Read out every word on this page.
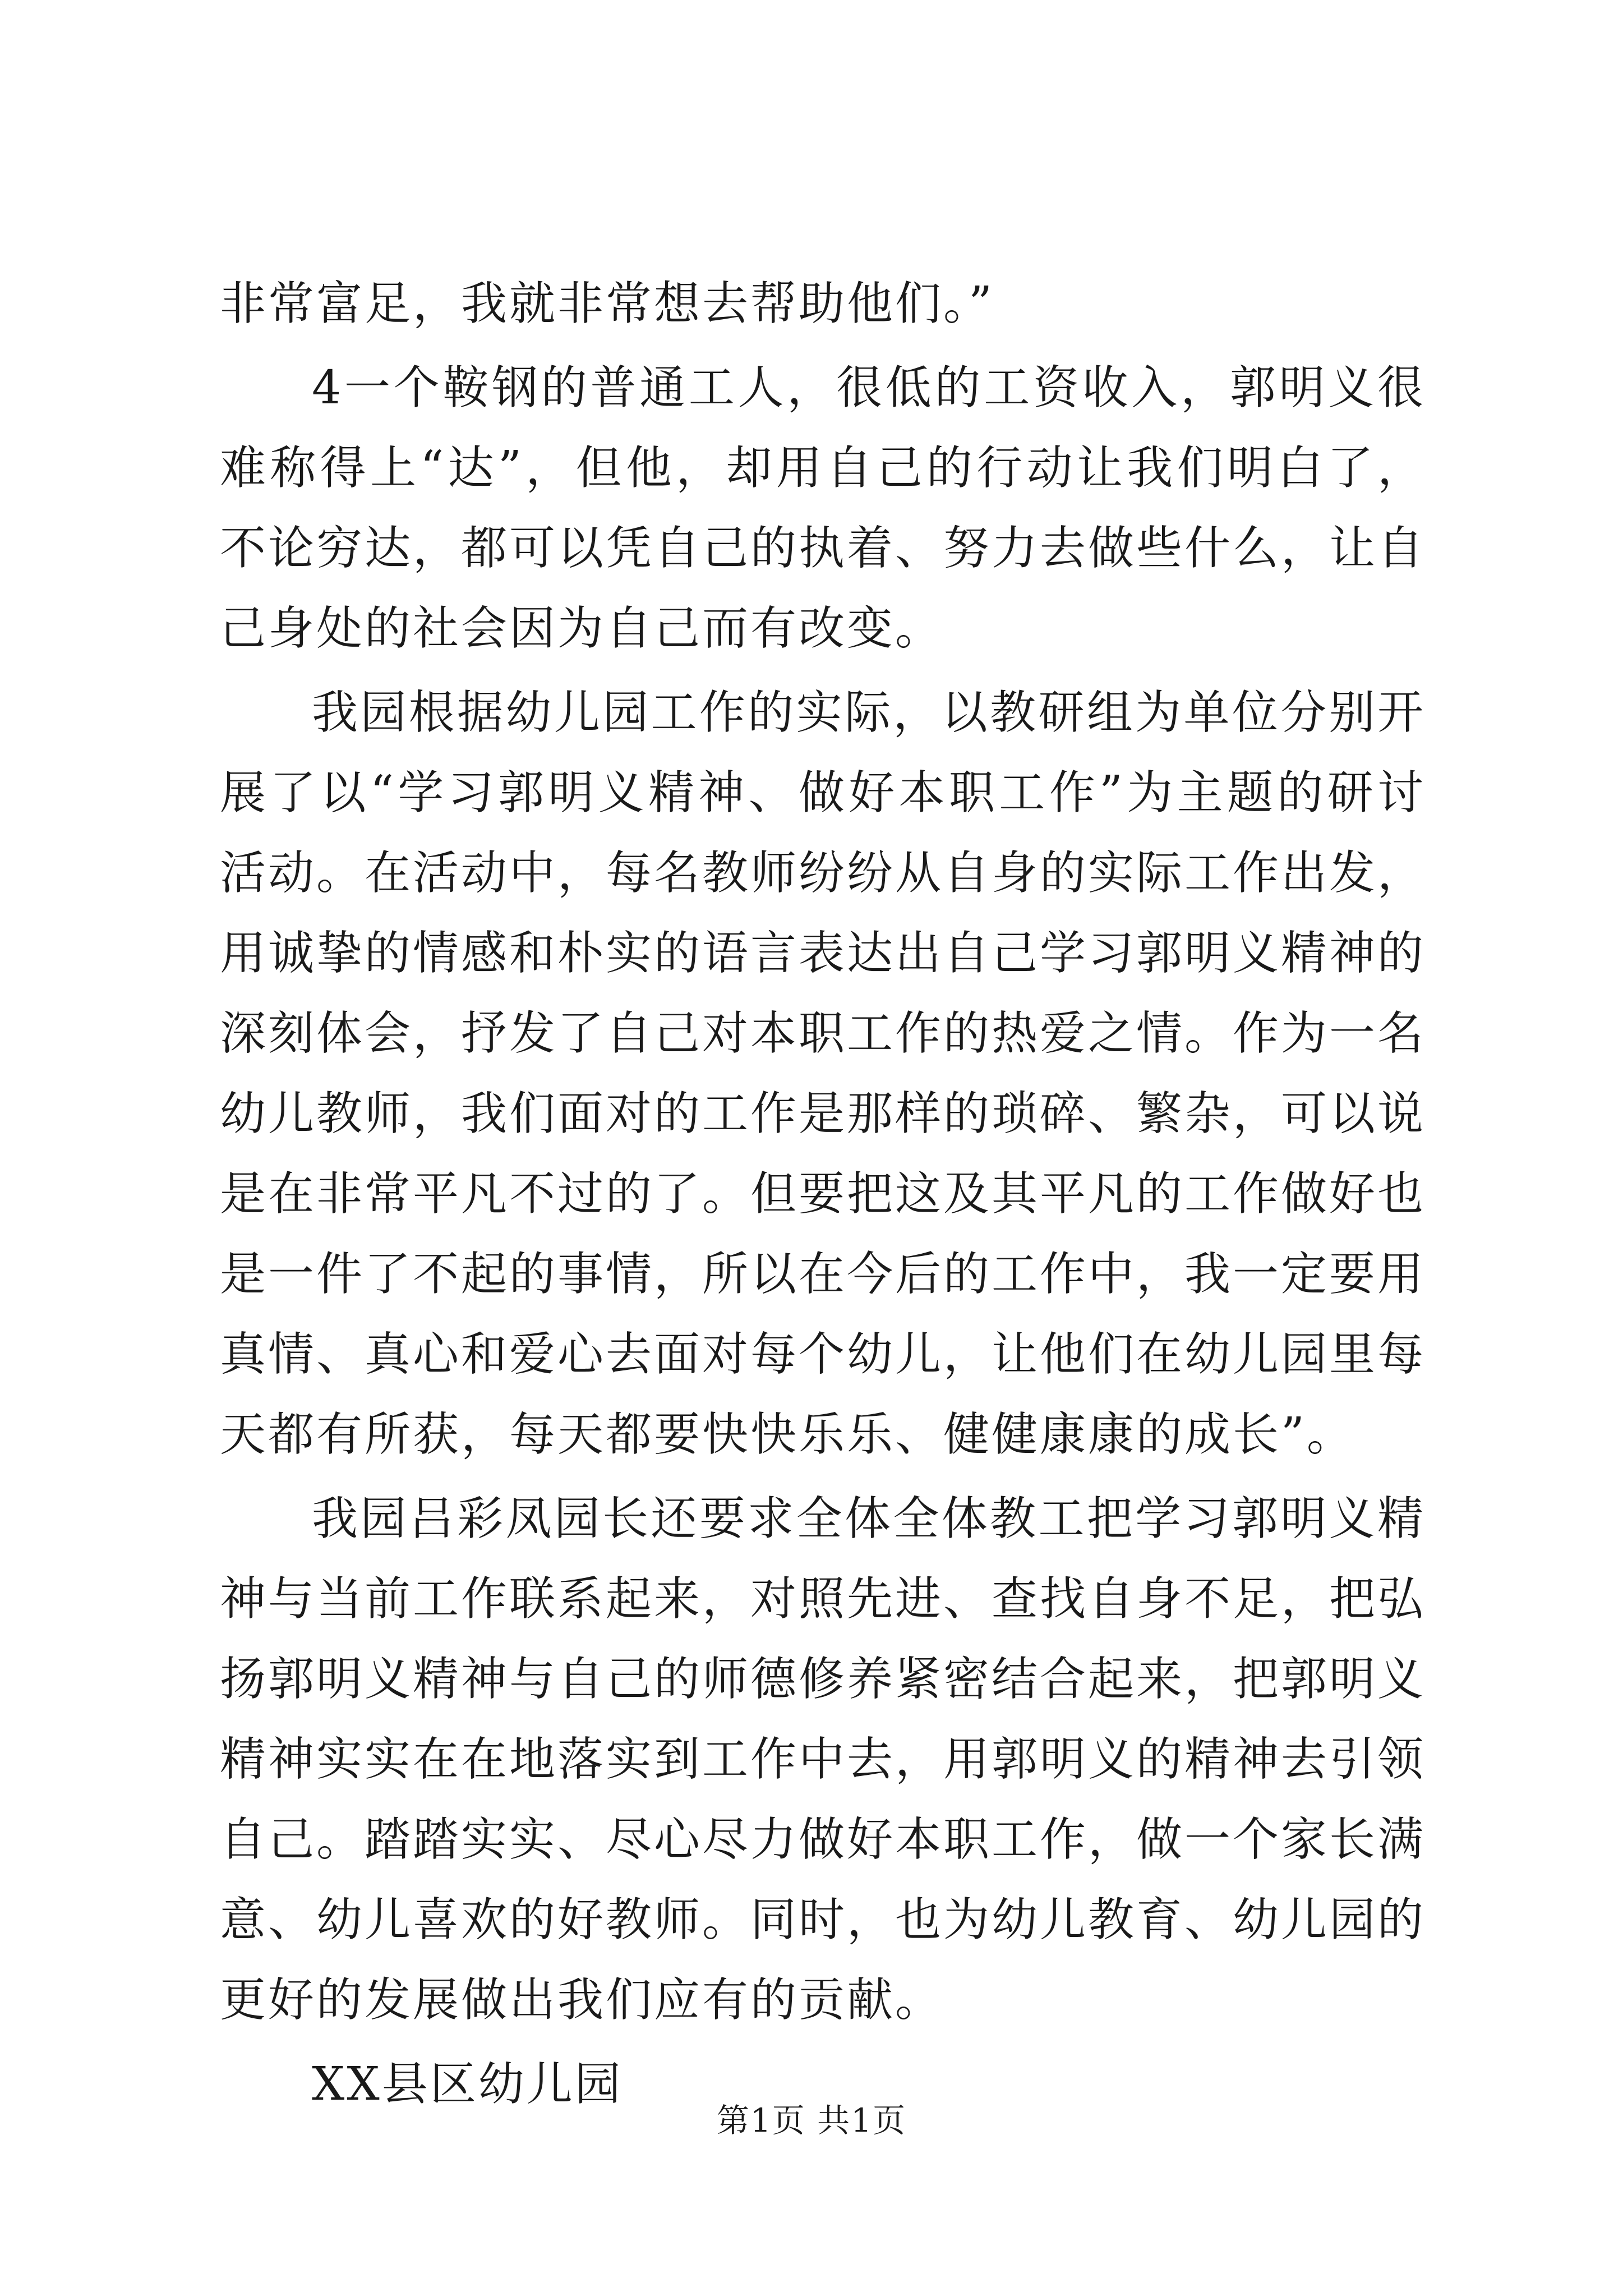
非常富足，我就非常想去帮助他们。”

4一个鞍钢的普通工人，很低的工资收入，郭明义很难称得上“达”，但他，却用自己的行动让我们明白了，不论穷达，都可以凭自己的执着、努力去做些什么，让自己身处的社会因为自己而有改变。

我园根据幼儿园工作的实际，以教研组为单位分别开展了以“学习郭明义精神、做好本职工作”为主题的研讨活动。在活动中，每名教师纷纷从自身的实际工作出发，用诚挚的情感和朴实的语言表达出自己学习郭明义精神的深刻体会，抒发了自己对本职工作的热爱之情。作为一名幼儿教师，我们面对的工作是那样的琐碎、繁杂，可以说是在非常平凡不过的了。但要把这及其平凡的工作做好也是一件了不起的事情，所以在今后的工作中，我一定要用真情、真心和爱心去面对每个幼儿，让他们在幼儿园里每天都有所获，每天都要快快乐乐、健健康康的成长”。

我园吕彩凤园长还要求全体全体教工把学习郭明义精神与当前工作联系起来，对照先进、查找自身不足，把弘扬郭明义精神与自己的师德修养紧密结合起来，把郭明义精神实实在在地落实到工作中去，用郭明义的精神去引领自己。踏踏实实、尽心尽力做好本职工作，做一个家长满意、幼儿喜欢的好教师。同时，也为幼儿教育、幼儿园的更好的发展做出我们应有的贡献。

XX县区幼儿园

第1页 共1页
